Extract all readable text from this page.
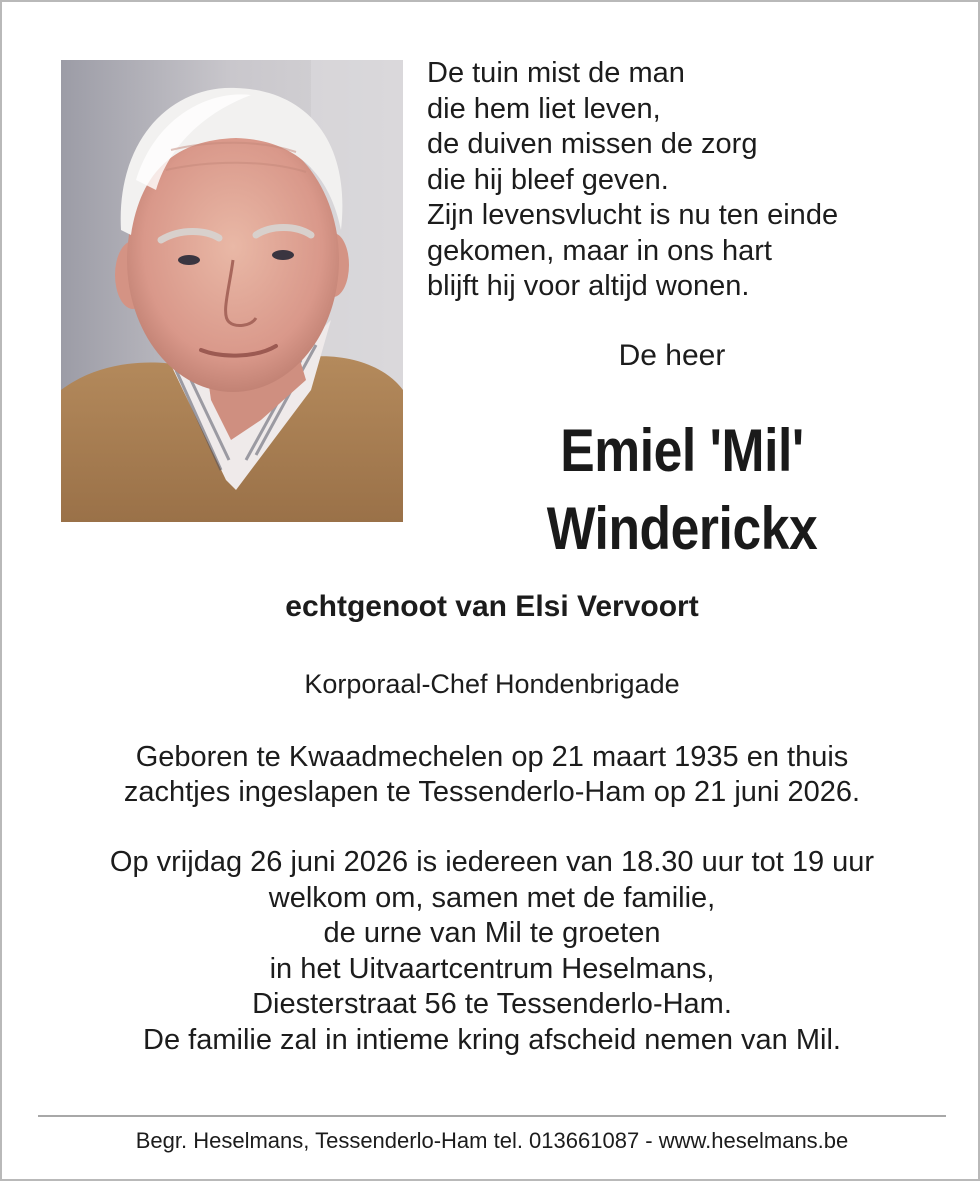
De tuin mist de man
die hem liet leven,
de duiven missen de zorg
die hij bleef geven.
Zijn levensvlucht is nu ten einde
gekomen, maar in ons hart
blijft hij voor altijd wonen.
De heer
Emiel 'Mil'
Winderickx
echtgenoot van Elsi Vervoort
Korporaal-Chef Hondenbrigade
Geboren te Kwaadmechelen op 21 maart 1935 en thuis
zachtjes ingeslapen te Tessenderlo-Ham op 21 juni 2026.
Op vrijdag 26 juni 2026 is iedereen van 18.30 uur tot 19 uur
welkom om, samen met de familie,
de urne van Mil te groeten
in het Uitvaartcentrum Heselmans,
Diesterstraat 56 te Tessenderlo-Ham.
De familie zal in intieme kring afscheid nemen van Mil.
Begr. Heselmans, Tessenderlo-Ham tel. 013661087 - www.heselmans.be
